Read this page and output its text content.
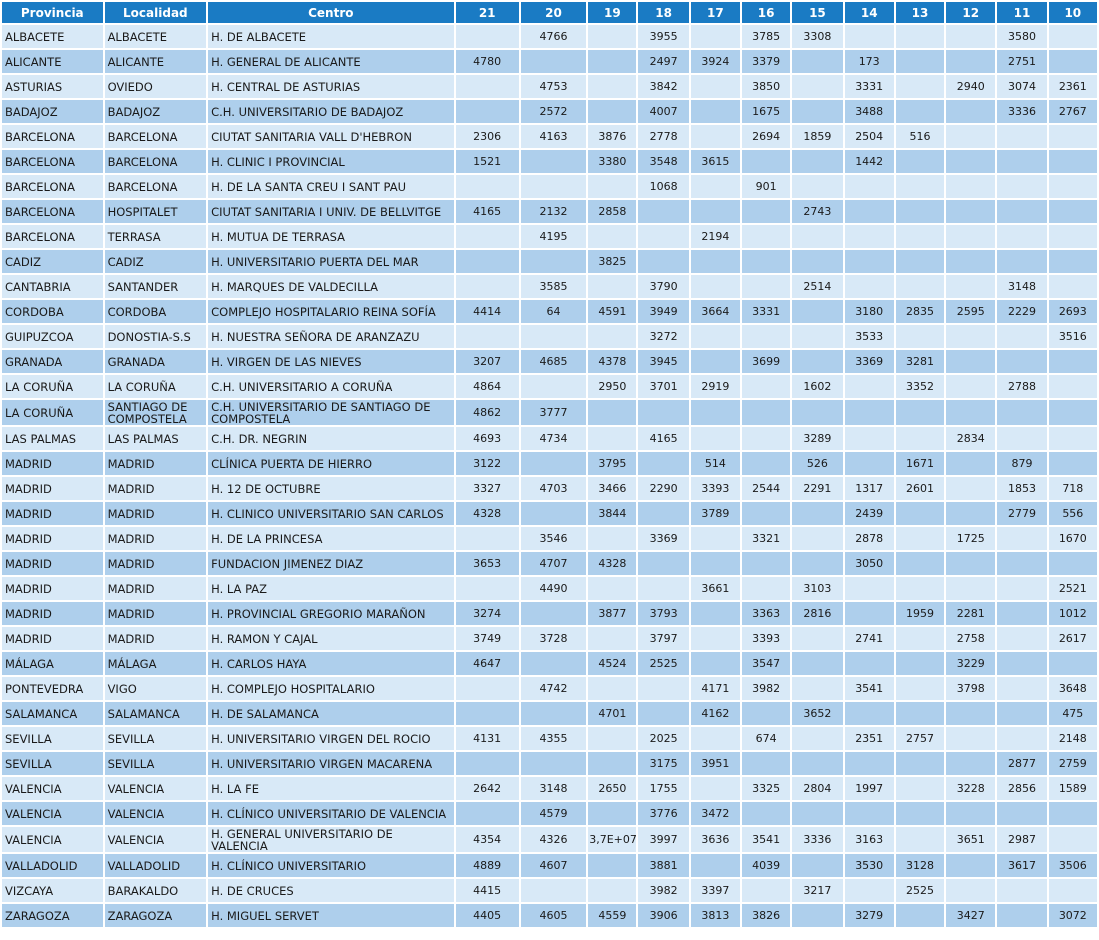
Provincia	Localidad	Centro	21	20	19	18	17	16	15	14	13	12	11	10
ALBACETE	ALBACETE	H. DE ALBACETE		4766		3955		3785	3308				3580	
ALICANTE	ALICANTE	H. GENERAL DE ALICANTE	4780			2497	3924	3379		173			2751	
ASTURIAS	OVIEDO	H. CENTRAL DE ASTURIAS		4753		3842		3850		3331		2940	3074	2361
BADAJOZ	BADAJOZ	C.H. UNIVERSITARIO DE BADAJOZ		2572		4007		1675		3488			3336	2767
BARCELONA	BARCELONA	CIUTAT SANITARIA VALL D'HEBRON	2306	4163	3876	2778		2694	1859	2504	516			
BARCELONA	BARCELONA	H. CLINIC I PROVINCIAL	1521		3380	3548	3615			1442				
BARCELONA	BARCELONA	H. DE LA SANTA CREU I SANT PAU				1068		901						
BARCELONA	HOSPITALET	CIUTAT SANITARIA I UNIV. DE BELLVITGE	4165	2132	2858				2743					
BARCELONA	TERRASA	H. MUTUA DE TERRASA		4195			2194							
CADIZ	CADIZ	H. UNIVERSITARIO PUERTA DEL MAR			3825									
CANTABRIA	SANTANDER	H. MARQUES DE VALDECILLA		3585		3790			2514				3148	
CORDOBA	CORDOBA	COMPLEJO HOSPITALARIO REINA SOFÍA	4414	64	4591	3949	3664	3331		3180	2835	2595	2229	2693
GUIPUZCOA	DONOSTIA-S.S	H. NUESTRA SEÑORA DE ARANZAZU				3272				3533				3516
GRANADA	GRANADA	H. VIRGEN DE LAS NIEVES	3207	4685	4378	3945		3699		3369	3281			
LA CORUÑA	LA CORUÑA	C.H. UNIVERSITARIO A CORUÑA	4864		2950	3701	2919		1602		3352		2788	
LA CORUÑA	SANTIAGO DE COMPOSTELA	C.H. UNIVERSITARIO DE SANTIAGO DE COMPOSTELA	4862	3777										
LAS PALMAS	LAS PALMAS	C.H. DR. NEGRIN	4693	4734		4165			3289			2834		
MADRID	MADRID	CLÍNICA PUERTA DE HIERRO	3122		3795		514		526		1671		879	
MADRID	MADRID	H. 12 DE OCTUBRE	3327	4703	3466	2290	3393	2544	2291	1317	2601		1853	718
MADRID	MADRID	H. CLINICO UNIVERSITARIO SAN CARLOS	4328		3844		3789			2439			2779	556
MADRID	MADRID	H. DE LA PRINCESA		3546		3369		3321		2878		1725		1670
MADRID	MADRID	FUNDACION JIMENEZ DIAZ	3653	4707	4328					3050				
MADRID	MADRID	H. LA PAZ		4490			3661		3103					2521
MADRID	MADRID	H. PROVINCIAL GREGORIO MARAÑON	3274		3877	3793		3363	2816		1959	2281		1012
MADRID	MADRID	H. RAMON Y CAJAL	3749	3728		3797		3393		2741		2758		2617
MÁLAGA	MÁLAGA	H. CARLOS HAYA	4647		4524	2525		3547				3229		
PONTEVEDRA	VIGO	H. COMPLEJO HOSPITALARIO		4742			4171	3982		3541		3798		3648
SALAMANCA	SALAMANCA	H. DE SALAMANCA			4701		4162		3652					475
SEVILLA	SEVILLA	H. UNIVERSITARIO VIRGEN DEL ROCIO	4131	4355		2025		674		2351	2757			2148
SEVILLA	SEVILLA	H. UNIVERSITARIO VIRGEN MACARENA				3175	3951						2877	2759
VALENCIA	VALENCIA	H. LA FE	2642	3148	2650	1755		3325	2804	1997		3228	2856	1589
VALENCIA	VALENCIA	H. CLÍNICO UNIVERSITARIO DE VALENCIA		4579		3776	3472							
VALENCIA	VALENCIA	H. GENERAL UNIVERSITARIO DE VALENCIA	4354	4326	3,7E+07	3997	3636	3541	3336	3163		3651	2987	
VALLADOLID	VALLADOLID	H. CLÍNICO UNIVERSITARIO	4889	4607		3881		4039		3530	3128		3617	3506
VIZCAYA	BARAKALDO	H. DE CRUCES	4415			3982	3397		3217		2525			
ZARAGOZA	ZARAGOZA	H. MIGUEL SERVET	4405	4605	4559	3906	3813	3826		3279		3427		3072
